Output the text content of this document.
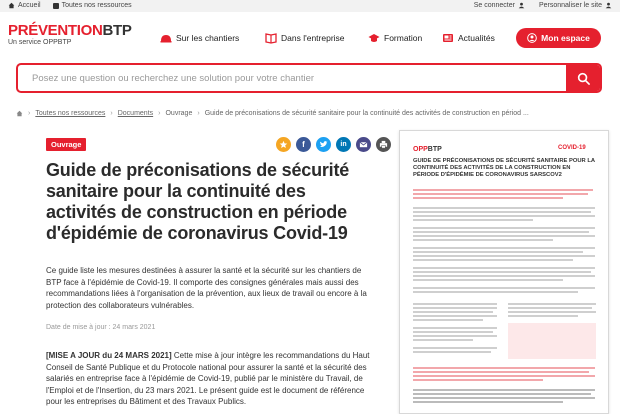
Accueil	Toutes nos ressources	Se connecter	Personnaliser le site
PRÉVENTIONBTP
Un service OPPBTP	Sur les chantiers	Dans l'entreprise	Formation	Actualités	Mon espace
Posez une question ou recherchez une solution pour votre chantier
› Toutes nos ressources › Documents › Ouvrage › Guide de préconisations de sécurité sanitaire pour la continuité des activités de construction en périod ...
Ouvrage	f	in
Guide de préconisations de sécurité sanitaire pour la continuité des activités de construction en période d'épidémie de coronavirus Covid-19

Ce guide liste les mesures destinées à assurer la santé et la sécurité sur les chantiers de BTP face à l'épidémie de Covid-19. Il comporte des consignes générales mais aussi des recommandations liées à l'organisation de la prévention, aux lieux de travail ou encore à la protection des collaborateurs vulnérables.

Date de mise à jour : 24 mars 2021

[MISE A JOUR du 24 MARS 2021] Cette mise à jour intègre les recommandations du Haut Conseil de Santé Publique et du Protocole national pour assurer la santé et la sécurité des salariés en entreprise face à l'épidémie de Covid-19, publié par le ministère du Travail, de l'Emploi et de l'Insertion, du 23 mars 2021. Le présent guide est le document de référence pour les entreprises du Bâtiment et des Travaux Publics.

OPPBTP	COVID-19
GUIDE DE PRÉCONISATIONS DE SÉCURITÉ SANITAIRE POUR LA CONTINUITÉ DES ACTIVITÉS DE LA CONSTRUCTION EN PÉRIODE D'ÉPIDÉMIE DE CORONAVIRUS SARSCOV2
